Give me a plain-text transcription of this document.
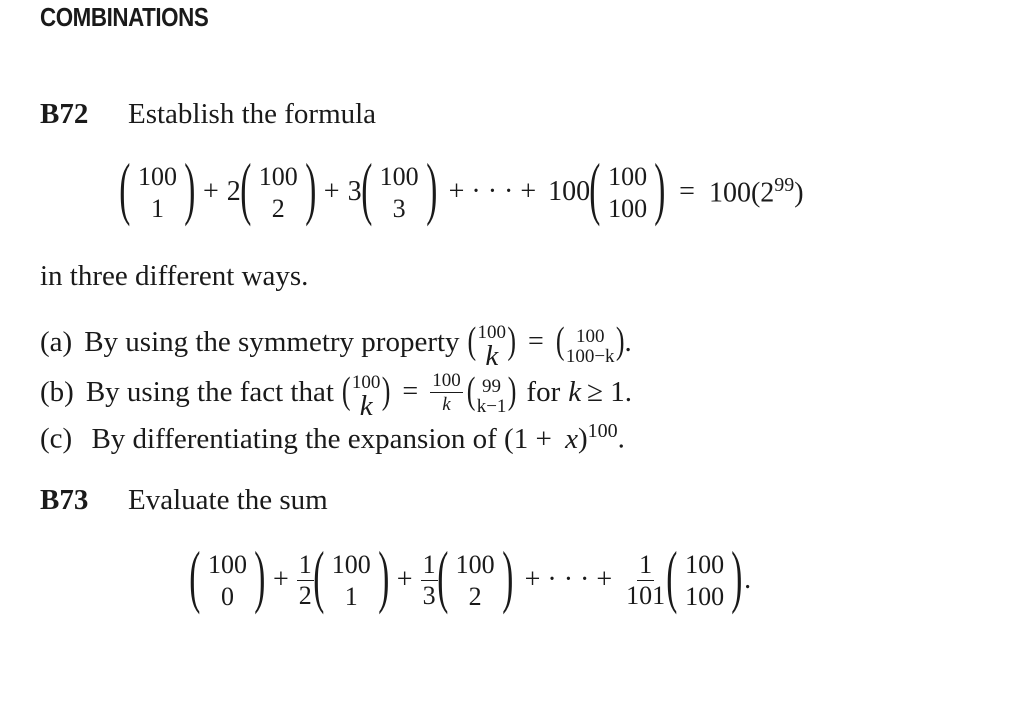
COMBINATIONS
B72 Establish the formula
( 100
1 ) + 2 ( 100
2 ) + 3 ( 100
3 ) + · · · + 100 ( 100
100 ) = $100(2^{99})$
in three different ways.
(a) By using the symmetry property ( 100
k ) = ( 100
100−k ) .
(b) By using the fact that ( 100
k ) = $\frac{100}{k}$ ( 99
k−1 ) for k ≥ 1.
(c) By differentiating the expansion of $(1 + x)^{100}$.
B73 Evaluate the sum
( 100
0 ) + $\frac{1}{2}$ ( 100
1 ) + $\frac{1}{3}$ ( 100
2 ) + · · · + $\frac{1}{101}$ ( 100
100 ) .
